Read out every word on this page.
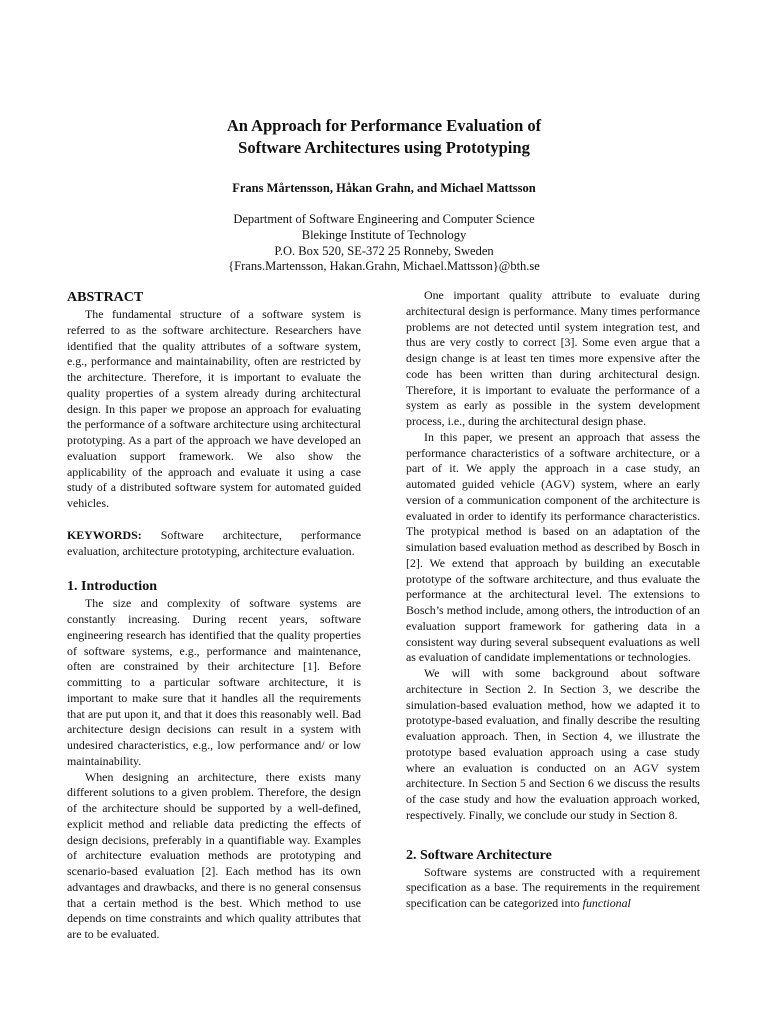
An Approach for Performance Evaluation of
Software Architectures using Prototyping
Frans Mårtensson, Håkan Grahn, and Michael Mattsson
Department of Software Engineering and Computer Science
Blekinge Institute of Technology
P.O. Box 520, SE-372 25 Ronneby, Sweden
{Frans.Martensson, Hakan.Grahn, Michael.Mattsson}@bth.se
ABSTRACT

The fundamental structure of a software system is referred to as the software architecture. Researchers have identified that the quality attributes of a software system, e.g., performance and maintainability, often are restricted by the architecture. Therefore, it is important to evaluate the quality properties of a system already during architectural design. In this paper we propose an approach for evaluating the performance of a software architecture using architectural prototyping. As a part of the approach we have developed an evaluation support framework. We also show the applicability of the approach and evaluate it using a case study of a distributed software system for automated guided vehicles.

KEYWORDS: Software architecture, performance evaluation, architecture prototyping, architecture evaluation.

1. Introduction

The size and complexity of software systems are constantly increasing. During recent years, software engineering research has identified that the quality properties of software systems, e.g., performance and maintenance, often are constrained by their architecture [1]. Before committing to a particular software architecture, it is important to make sure that it handles all the requirements that are put upon it, and that it does this reasonably well. Bad architecture design decisions can result in a system with undesired characteristics, e.g., low performance and/ or low maintainability.

When designing an architecture, there exists many different solutions to a given problem. Therefore, the design of the architecture should be supported by a well-defined, explicit method and reliable data predicting the effects of design decisions, preferably in a quantifiable way. Examples of architecture evaluation methods are prototyping and scenario-based evaluation [2]. Each method has its own advantages and drawbacks, and there is no general consensus that a certain method is the best. Which method to use depends on time constraints and which quality attributes that are to be evaluated.

One important quality attribute to evaluate during architectural design is performance. Many times performance problems are not detected until system integration test, and thus are very costly to correct [3]. Some even argue that a design change is at least ten times more expensive after the code has been written than during architectural design. Therefore, it is important to evaluate the performance of a system as early as possible in the system development process, i.e., during the architectural design phase.

In this paper, we present an approach that assess the performance characteristics of a software architecture, or a part of it. We apply the approach in a case study, an automated guided vehicle (AGV) system, where an early version of a communication component of the architecture is evaluated in order to identify its performance characteristics. The protypical method is based on an adaptation of the simulation based evaluation method as described by Bosch in [2]. We extend that approach by building an executable prototype of the software architecture, and thus evaluate the performance at the architectural level. The extensions to Bosch’s method include, among others, the introduction of an evaluation support framework for gathering data in a consistent way during several subsequent evaluations as well as evaluation of candidate implementations or technologies.

We will with some background about software architecture in Section 2. In Section 3, we describe the simulation-based evaluation method, how we adapted it to prototype-based evaluation, and finally describe the resulting evaluation approach. Then, in Section 4, we illustrate the prototype based evaluation approach using a case study where an evaluation is conducted on an AGV system architecture. In Section 5 and Section 6 we discuss the results of the case study and how the evaluation approach worked, respectively. Finally, we conclude our study in Section 8.

2. Software Architecture

Software systems are constructed with a requirement specification as a base. The requirements in the requirement specification can be categorized into functional
